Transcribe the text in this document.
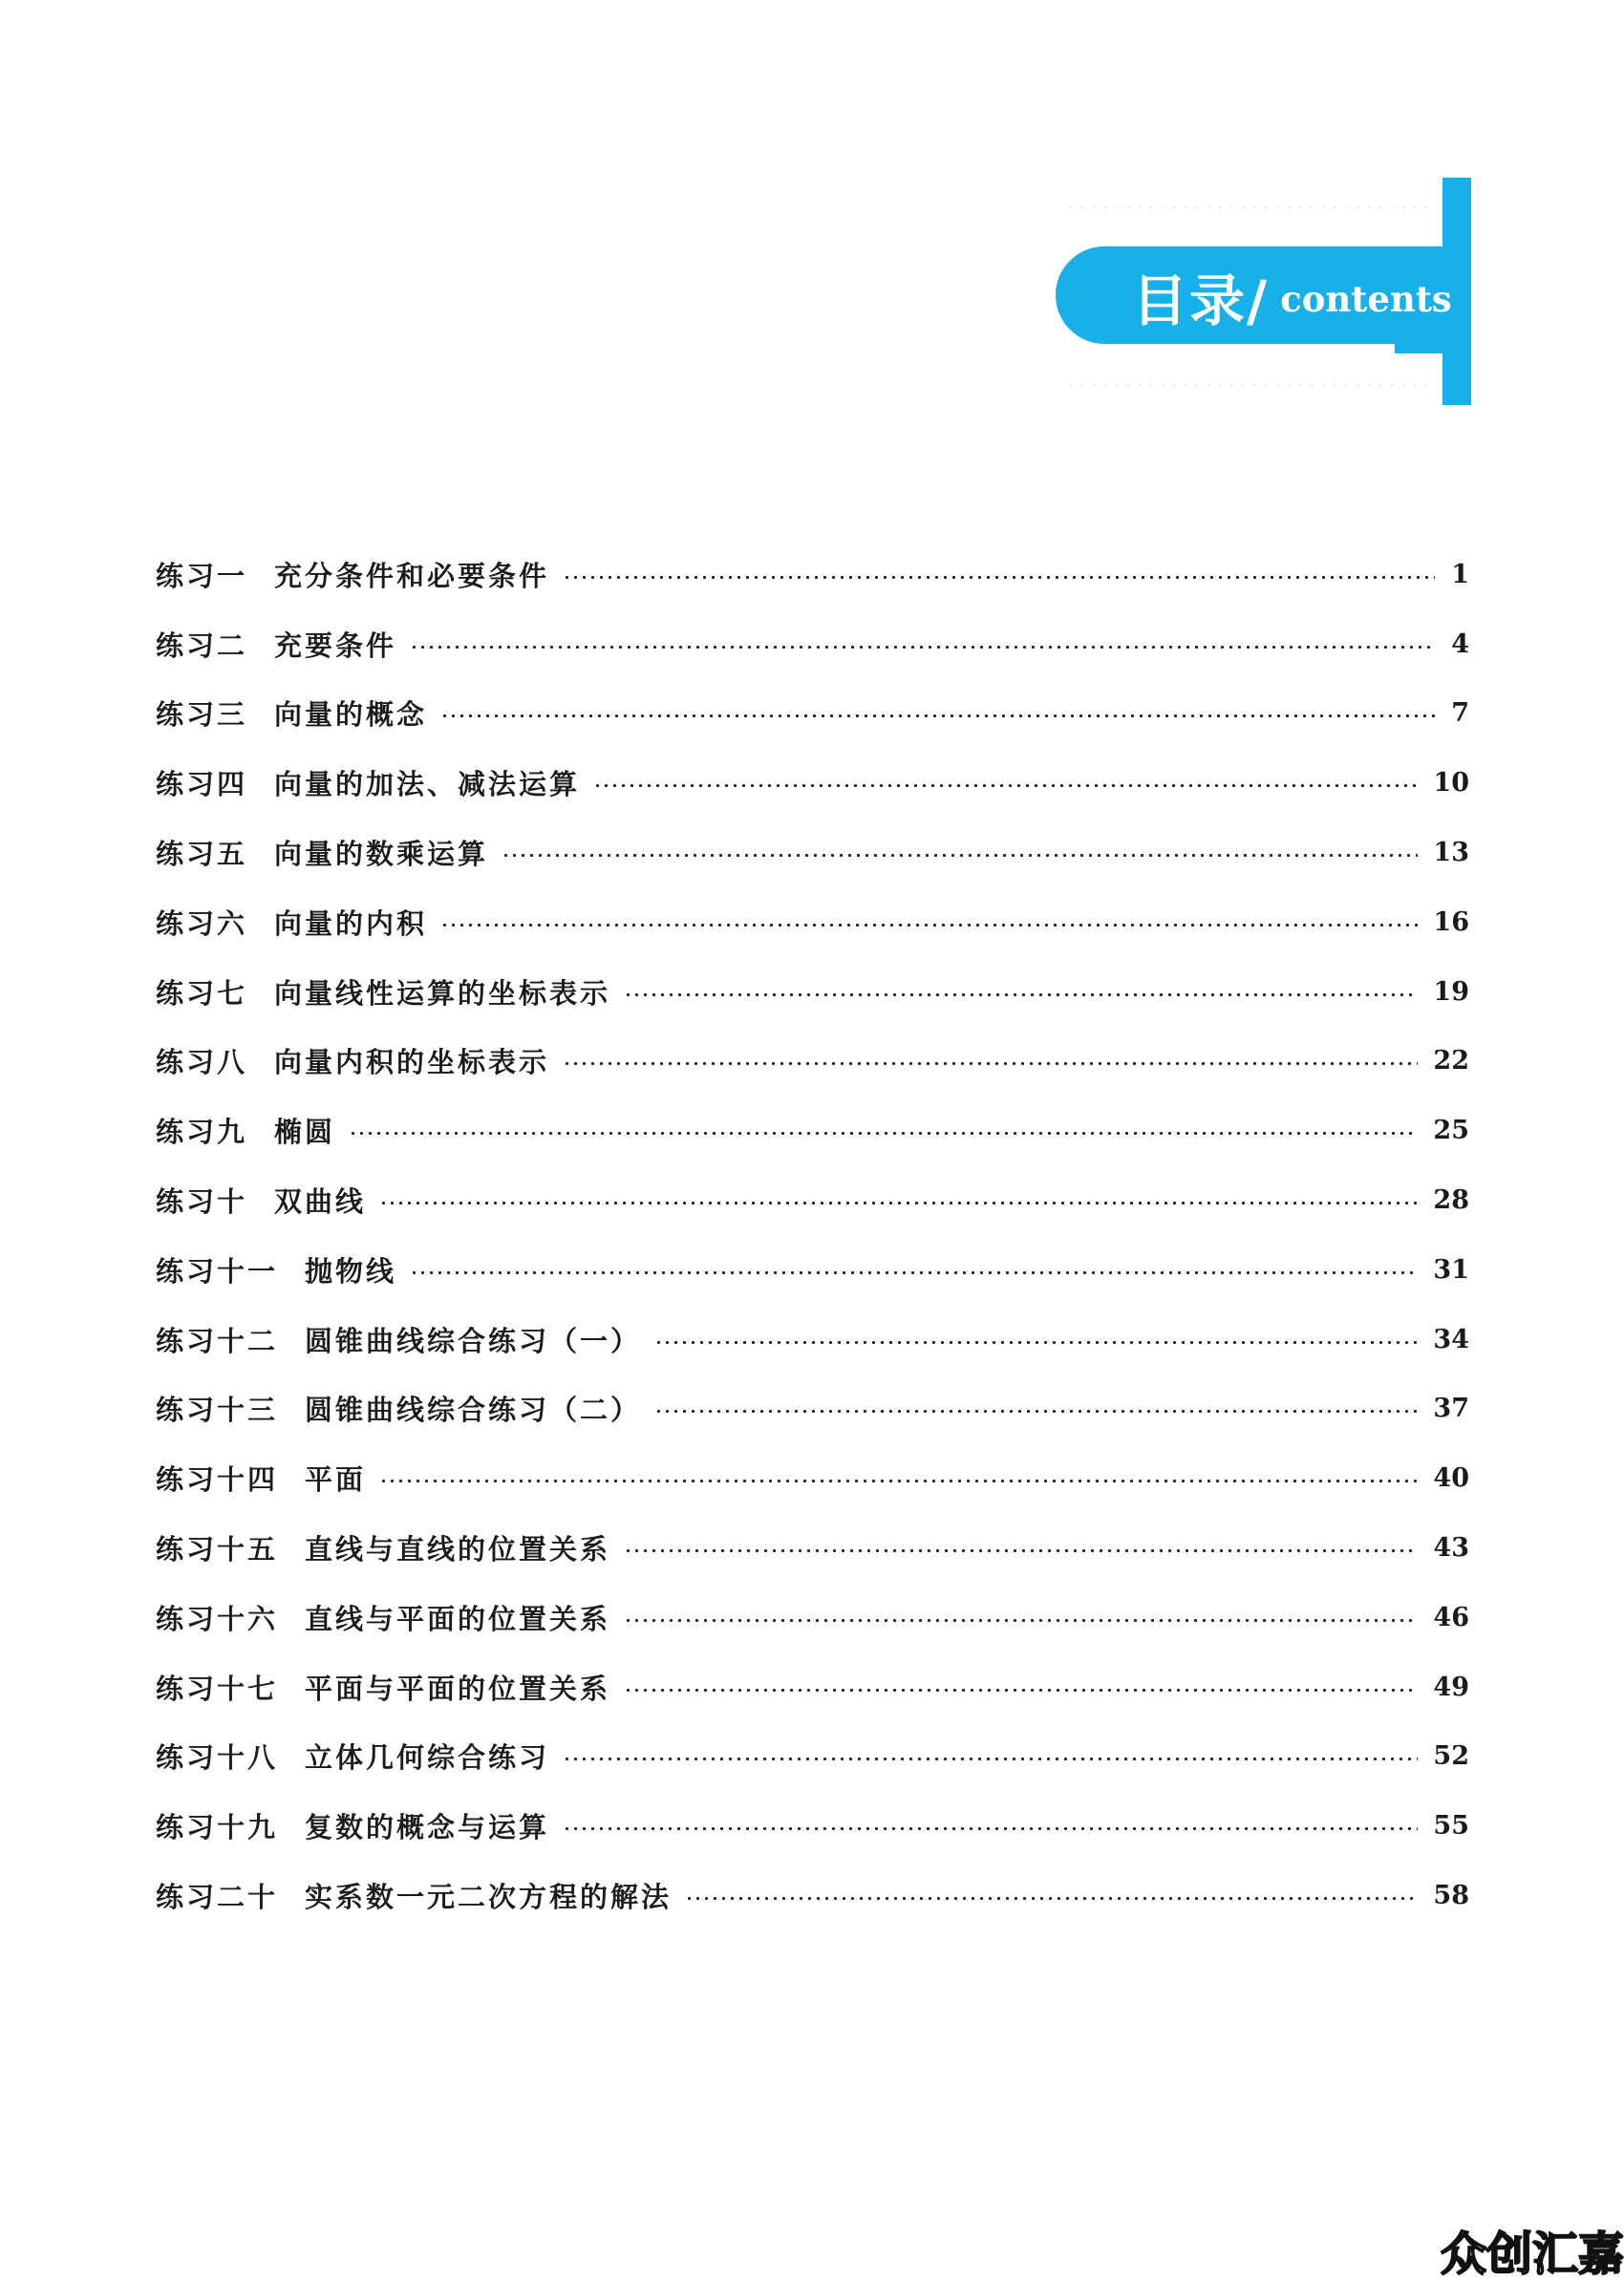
目录/ contents
练习一 充分条件和必要条件	1
练习二 充要条件	4
练习三 向量的概念	7
练习四 向量的加法、减法运算	10
练习五 向量的数乘运算	13
练习六 向量的内积	16
练习七 向量线性运算的坐标表示	19
练习八 向量内积的坐标表示	22
练习九 椭圆	25
练习十 双曲线	28
练习十一 抛物线	31
练习十二 圆锥曲线综合练习（一）	34
练习十三 圆锥曲线综合练习（二）	37
练习十四 平面	40
练习十五 直线与直线的位置关系	43
练习十六 直线与平面的位置关系	46
练习十七 平面与平面的位置关系	49
练习十八 立体几何综合练习	52
练习十九 复数的概念与运算	55
练习二十 实系数一元二次方程的解法	58
众创汇嘉
